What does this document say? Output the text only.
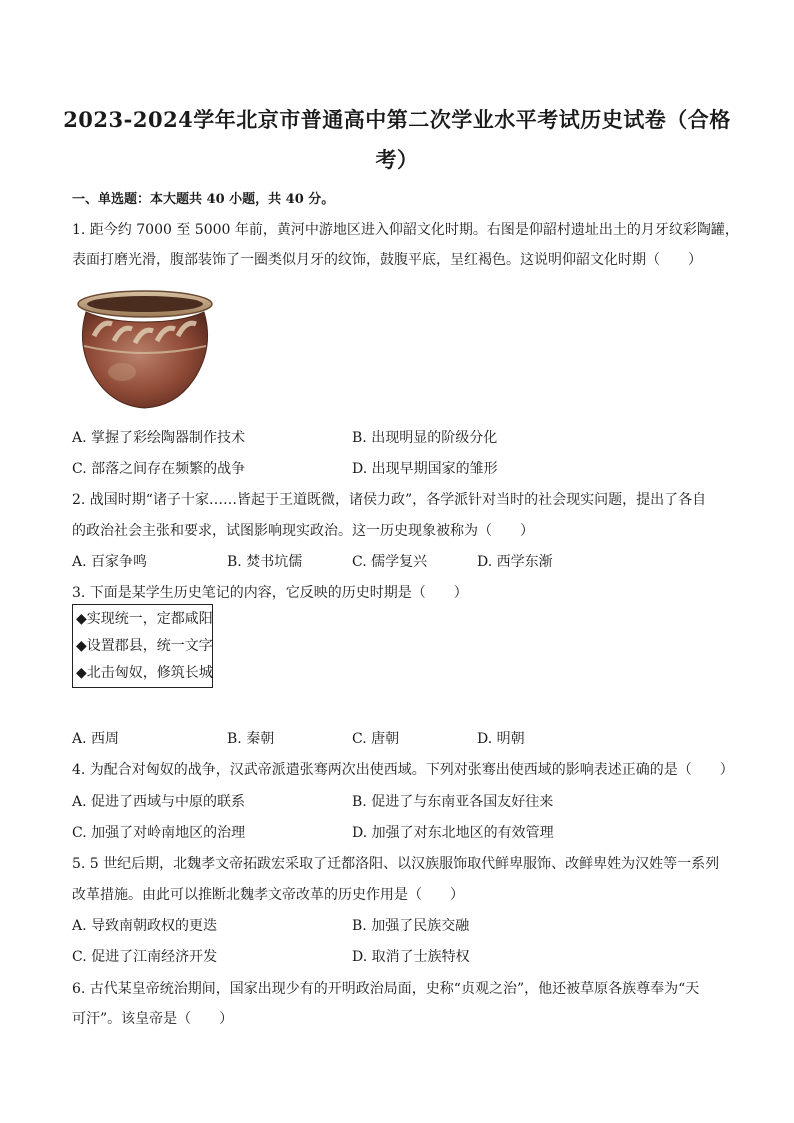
2023-2024学年北京市普通高中第二次学业水平考试历史试卷（合格
考）
一、单选题：本大题共 40 小题，共 40 分。
1. 距今约 7000 至 5000 年前，黄河中游地区进入仰韶文化时期。右图是仰韶村遗址出土的月牙纹彩陶罐，
表面打磨光滑，腹部装饰了一圈类似月牙的纹饰，鼓腹平底，呈红褐色。这说明仰韶文化时期（　　）
A. 掌握了彩绘陶器制作技术	B. 出现明显的阶级分化
C. 部落之间存在频繁的战争	D. 出现早期国家的雏形
2. 战国时期“诸子十家……皆起于王道既微，诸侯力政”，各学派针对当时的社会现实问题，提出了各自
的政治社会主张和要求，试图影响现实政治。这一历史现象被称为（　　）
A. 百家争鸣	B. 焚书坑儒	C. 儒学复兴	D. 西学东渐
3. 下面是某学生历史笔记的内容，它反映的历史时期是（　　）
◆实现统一，定都咸阳
◆设置郡县，统一文字
◆北击匈奴，修筑长城
A. 西周	B. 秦朝	C. 唐朝	D. 明朝
4. 为配合对匈奴的战争，汉武帝派遣张骞两次出使西域。下列对张骞出使西域的影响表述正确的是（　　）
A. 促进了西域与中原的联系	B. 促进了与东南亚各国友好往来
C. 加强了对岭南地区的治理	D. 加强了对东北地区的有效管理
5. 5 世纪后期，北魏孝文帝拓跋宏采取了迁都洛阳、以汉族服饰取代鲜卑服饰、改鲜卑姓为汉姓等一系列
改革措施。由此可以推断北魏孝文帝改革的历史作用是（　　）
A. 导致南朝政权的更迭	B. 加强了民族交融
C. 促进了江南经济开发	D. 取消了士族特权
6. 古代某皇帝统治期间，国家出现少有的开明政治局面，史称“贞观之治”，他还被草原各族尊奉为“天
可汗”。该皇帝是（　　）
